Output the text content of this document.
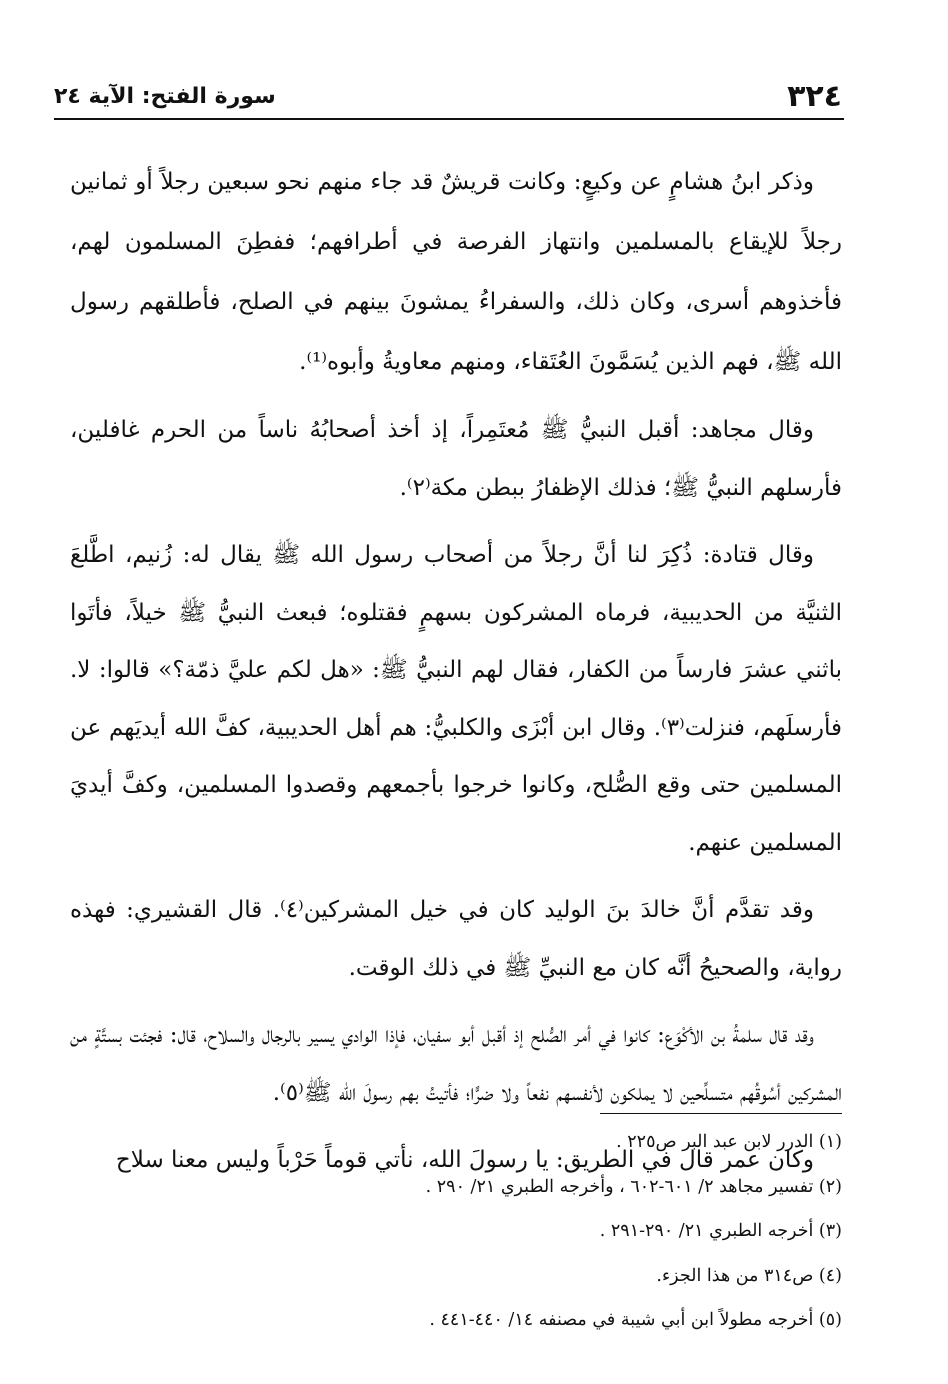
٣٢٤
سورة الفتح: الآية ٢٤

وذكر ابنُ هشامٍ عن وكيعٍ: وكانت قريشٌ قد جاء منهم نحو سبعين رجلاً أو ثمانين رجلاً للإيقاع بالمسلمين وانتهاز الفرصة في أطرافهم؛ ففطِنَ المسلمون لهم، فأخذوهم أسرى، وكان ذلك، والسفراءُ يمشونَ بينهم في الصلح، فأطلقهم رسول الله ﷺ، فهم الذين يُسَمَّونَ العُتَقاء، ومنهم معاويةُ وأبوه⁽¹⁾.

وقال مجاهد: أقبل النبيُّ ﷺ مُعتَمِراً، إذ أخذ أصحابُهُ ناساً من الحرم غافلين، فأرسلهم النبيُّ ﷺ؛ فذلك الإظفارُ ببطن مكة⁽٢⁾.

وقال قتادة: ذُكِرَ لنا أنَّ رجلاً من أصحاب رسول الله ﷺ يقال له: زُنيم، اطَّلعَ الثنيَّة من الحديبية، فرماه المشركون بسهمٍ فقتلوه؛ فبعث النبيُّ ﷺ خيلاً، فأتَوا باثني عشرَ فارساً من الكفار، فقال لهم النبيُّ ﷺ: «هل لكم عليَّ ذمّة؟» قالوا: لا. فأرسلَهم، فنزلت⁽٣⁾. وقال ابن أبْزَى والكلبيُّ: هم أهل الحديبية، كفَّ الله أيديَهم عن المسلمين حتى وقع الصُّلح، وكانوا خرجوا بأجمعهم وقصدوا المسلمين، وكفَّ أيديَ المسلمين عنهم.

وقد تقدَّم أنَّ خالدَ بنَ الوليد كان في خيل المشركين⁽٤⁾. قال القشيري: فهذه رواية، والصحيحُ أنَّه كان مع النبيِّ ﷺ في ذلك الوقت.

وقد قال سلمةُ بن الأكْوَع: كانوا في أمر الصُّلح إذ أقبل أبو سفيان، فإذا الوادي يسير بالرجال والسلاح، قال: فجئت بستَّةٍ من المشركين أسُوقُهم متسلِّحين لا يملكون لأنفسهم نفعاً ولا ضرًّا؛ فأتيتُ بهم رسولَ الله ﷺ⁽٥⁾.

وكان عمر قال في الطريق: يا رسولَ الله، نأتي قوماً حَرْباً وليس معنا سلاح

(١) الدرر لابن عبد البر ص٢٢٥ .

(٢) تفسير مجاهد ٢/ ٦٠١-٦٠٢ ، وأخرجه الطبري ٢١/ ٢٩٠ .

(٣) أخرجه الطبري ٢١/ ٢٩٠-٢٩١ .

(٤) ص٣١٤ من هذا الجزء.

(٥) أخرجه مطولاً ابن أبي شيبة في مصنفه ١٤/ ٤٤٠-٤٤١ .
